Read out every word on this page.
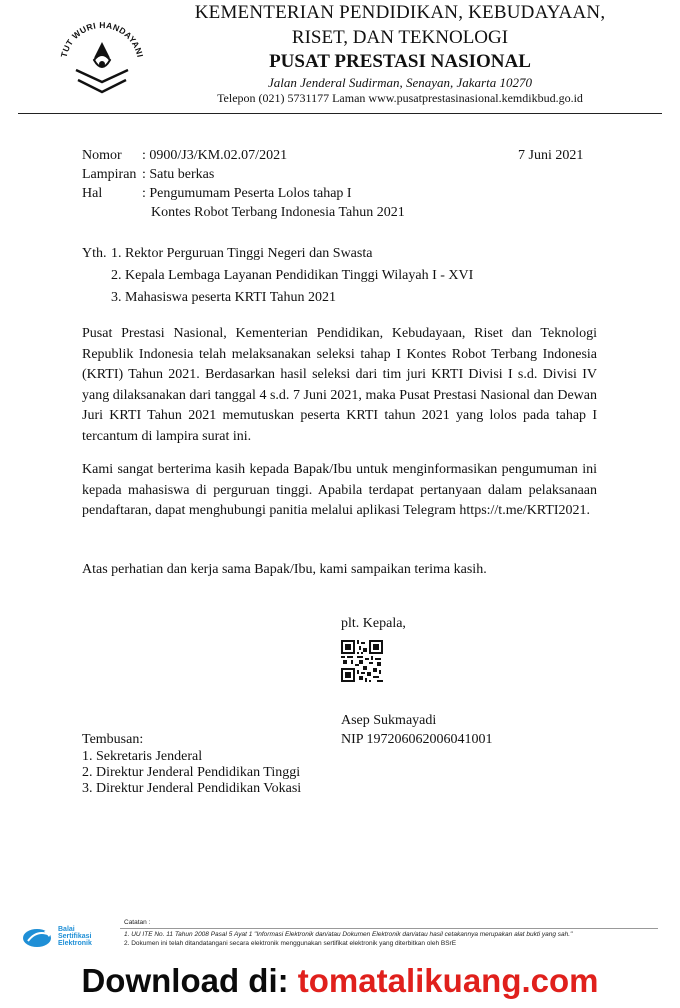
TUT WURI HANDAYANI
KEMENTERIAN PENDIDIKAN, KEBUDAYAAN,
RISET, DAN TEKNOLOGI
PUSAT PRESTASI NASIONAL
Jalan Jenderal Sudirman, Senayan, Jakarta 10270
Telepon (021) 5731177 Laman www.pusatprestasinasional.kemdikbud.go.id
Nomor : 0900/J3/KM.02.07/2021	7 Juni 2021
Lampiran : Satu berkas
Hal	: Pengumumam Peserta Lolos tahap I
Kontes Robot Terbang Indonesia Tahun 2021
Yth. 1. Rektor Perguruan Tinggi Negeri dan Swasta
2. Kepala Lembaga Layanan Pendidikan Tinggi Wilayah I - XVI
3. Mahasiswa peserta KRTI Tahun 2021
Pusat Prestasi Nasional, Kementerian Pendidikan, Kebudayaan, Riset dan Teknologi Republik Indonesia telah melaksanakan seleksi tahap I Kontes Robot Terbang Indonesia (KRTI) Tahun 2021. Berdasarkan hasil seleksi dari tim juri KRTI Divisi I s.d. Divisi IV yang dilaksanakan dari tanggal 4 s.d. 7 Juni 2021, maka Pusat Prestasi Nasional dan Dewan Juri KRTI Tahun 2021 memutuskan peserta KRTI tahun 2021 yang lolos pada tahap I tercantum di lampira surat ini.
Kami sangat berterima kasih kepada Bapak/Ibu untuk menginformasikan pengumuman ini kepada mahasiswa di perguruan tinggi. Apabila terdapat pertanyaan dalam pelaksanaan pendaftaran, dapat menghubungi panitia melalui aplikasi Telegram https://t.me/KRTI2021.
Atas perhatian dan kerja sama Bapak/Ibu, kami sampaikan terima kasih.
plt. Kepala,
Asep Sukmayadi
NIP 197206062006041001
Tembusan:
1. Sekretaris Jenderal
2. Direktur Jenderal Pendidikan Tinggi
3. Direktur Jenderal Pendidikan Vokasi
Balai
Sertifikasi
Elektronik
Catatan :
1. UU ITE No. 11 Tahun 2008 Pasal 5 Ayat 1 "Informasi Elektronik dan/atau Dokumen Elektronik dan/atau hasil cetakannya merupakan alat bukti yang sah."
2. Dokumen ini telah ditandatangani secara elektronik menggunakan sertifikat elektronik yang diterbitkan oleh BSrE
Download di: tomatalikuang.com
